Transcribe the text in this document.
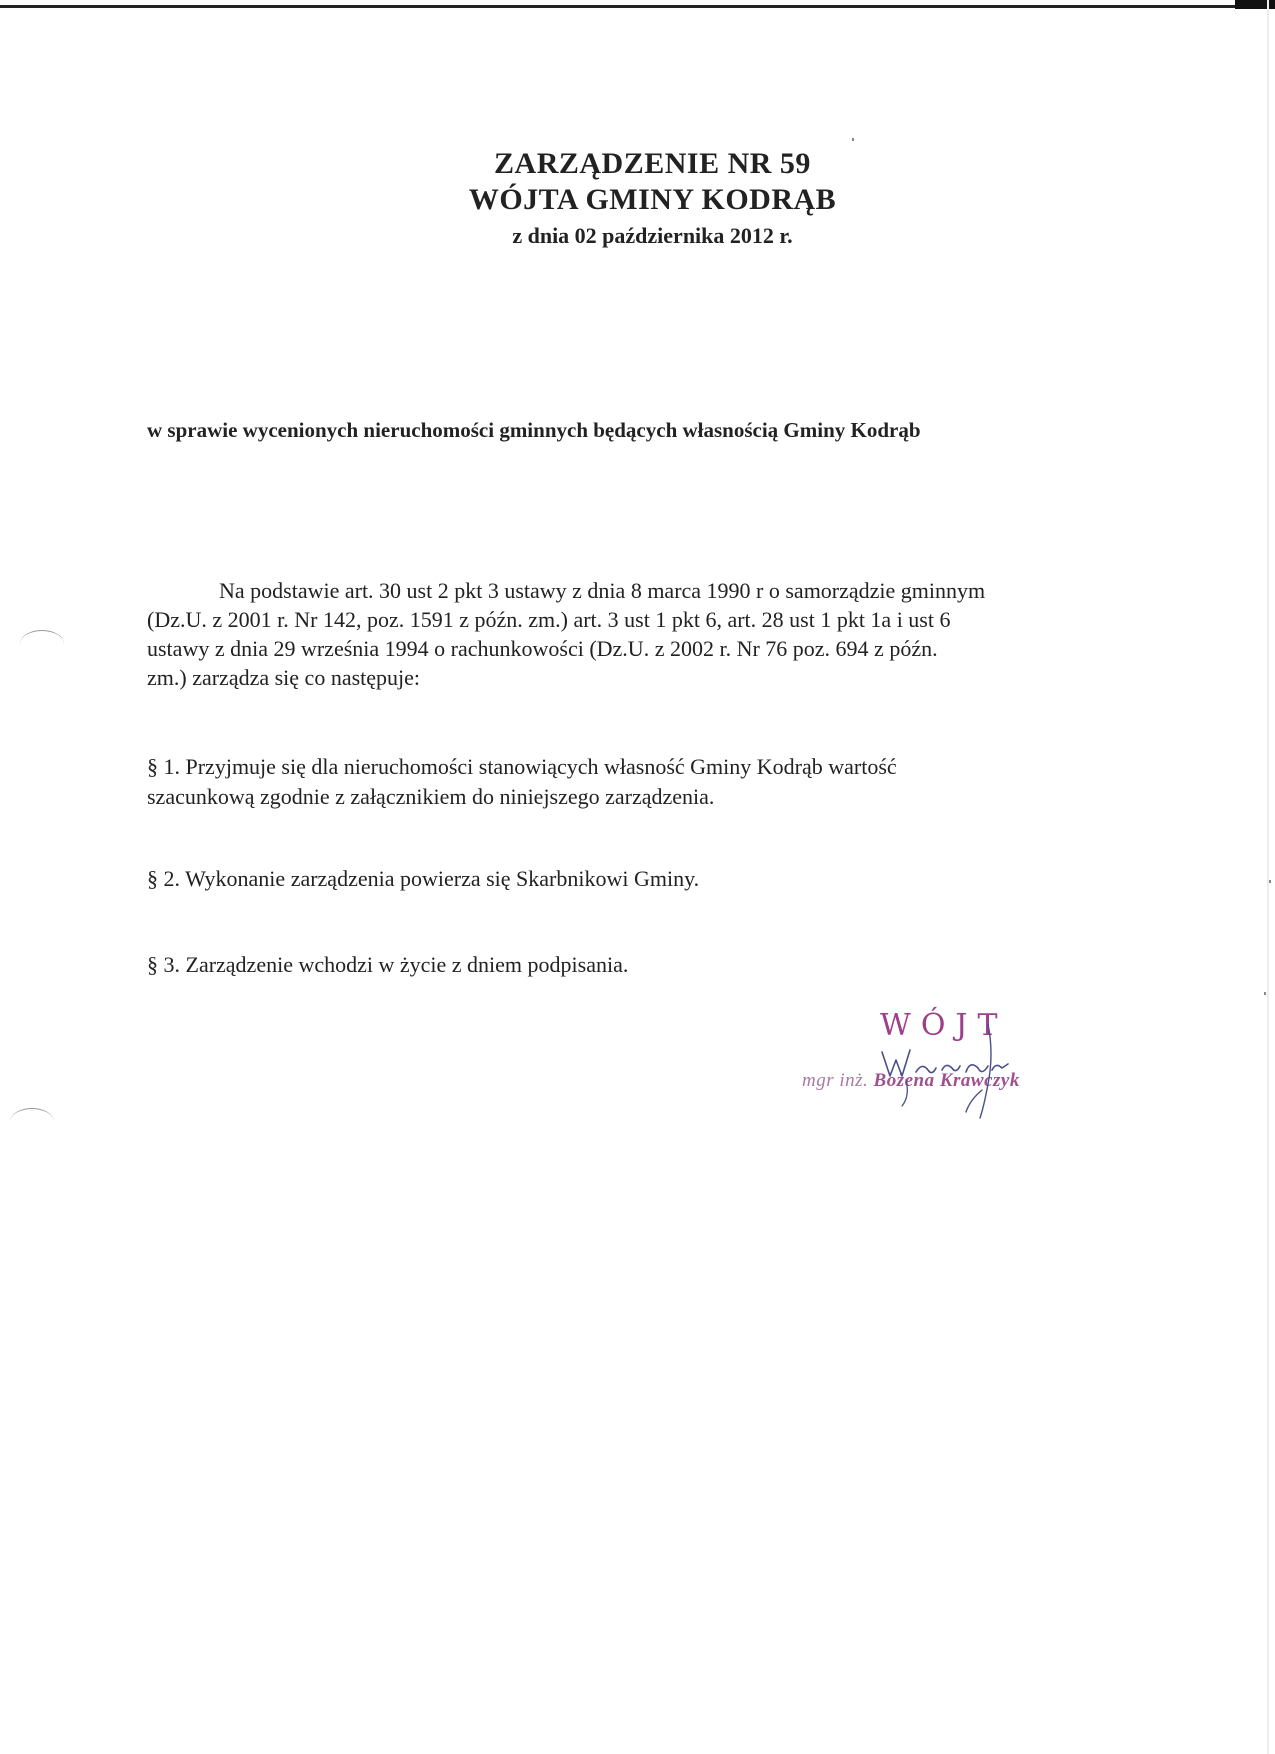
ZARZĄDZENIE NR 59
WÓJTA GMINY KODRĄB
z dnia 02 października 2012 r.
w sprawie wycenionych nieruchomości gminnych będących własnością Gminy Kodrąb
Na podstawie art. 30 ust 2 pkt 3 ustawy z dnia 8 marca 1990 r o samorządzie gminnym
(Dz.U. z 2001 r. Nr 142, poz. 1591 z późn. zm.) art. 3 ust 1 pkt 6, art. 28 ust 1 pkt 1a i ust 6
ustawy z dnia 29 września 1994 o rachunkowości (Dz.U. z 2002 r. Nr 76 poz. 694 z późn.
zm.) zarządza się co następuje:
§ 1. Przyjmuje się dla nieruchomości stanowiących własność Gminy Kodrąb wartość
szacunkową zgodnie z załącznikiem do niniejszego zarządzenia.
§ 2. Wykonanie zarządzenia powierza się Skarbnikowi Gminy.
§ 3. Zarządzenie wchodzi w życie z dniem podpisania.
WÓJT
mgr inż. Bożena Krawczyk
